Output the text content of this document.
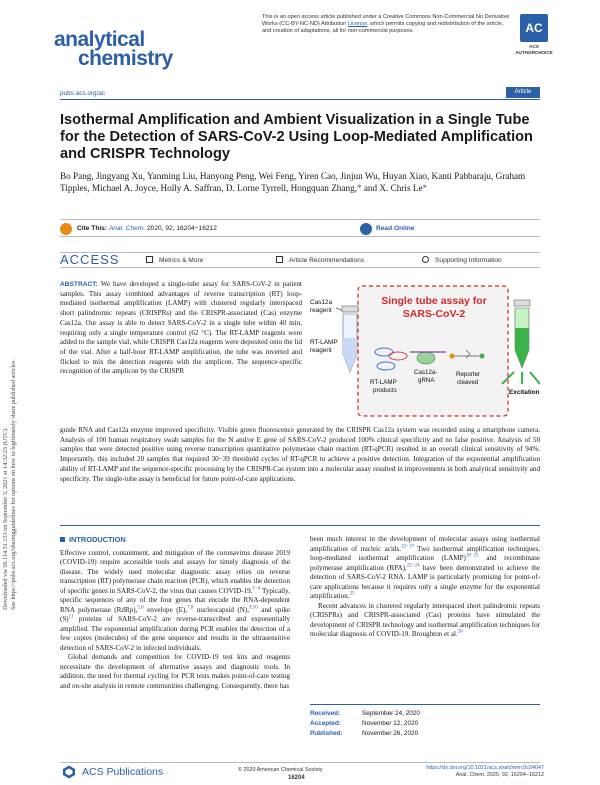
Downloaded via 50.114.31.153 on September 3, 2021 at 14:32:23 (UTC). See https://pubs.acs.org/sharingguidelines for options on how to legitimately share published articles.
analytical
chemistry
This is an open access article published under a Creative Commons Non-Commercial No Derivative Works (CC-BY-NC-ND) Attribution License, which permits copying and redistribution of the article, and creation of adaptations, all for non-commercial purposes.	AC
ACS
AUTHORCHOICE
pubs.acs.org/ac	Article
Isothermal Amplification and Ambient Visualization in a Single Tube for the Detection of SARS-CoV-2 Using Loop-Mediated Amplification and CRISPR Technology
Bo Pang, Jingyang Xu, Yanming Liu, Hanyong Peng, Wei Feng, Yiren Cao, Jinjun Wu, Huyan Xiao, Kanti Pabbaraju, Graham Tipples, Michael A. Joyce, Holly A. Saffran, D. Lorne Tyrrell, Hongquan Zhang,* and X. Chris Le*
Cite This: Anal. Chem. 2020, 92, 16204−16212	Read Online
ACCESS	Metrics & More	Article Recommendations	Supporting Information
ABSTRACT: We have developed a single-tube assay for SARS-CoV-2 in patient samples. This assay combined advantages of reverse transcription (RT) loop-mediated isothermal amplification (LAMP) with clustered regularly interspaced short palindromic repeats (CRISPRs) and the CRISPR-associated (Cas) enzyme Cas12a. Our assay is able to detect SARS-CoV-2 in a single tube within 40 min, requiring only a single temperature control (62 °C). The RT-LAMP reagents were added to the sample vial, while CRISPR Cas12a reagents were deposited onto the lid of the vial. After a half-hour RT-LAMP amplification, the tube was inverted and flicked to mix the detection reagents with the amplicon. The sequence-specific recognition of the amplicon by the CRISPR
Single tube assay for
SARS-CoV-2
Cas12a
reagent
RT-LAMP
reagent
RT-LAMP
products
Cas12a-
gRNA
Reporter
cleaved
Excitation
guide RNA and Cas12a enzyme improved specificity. Visible green fluorescence generated by the CRISPR Cas12a system was recorded using a smartphone camera. Analysis of 100 human respiratory swab samples for the N and/or E gene of SARS-CoV-2 produced 100% clinical specificity and no false positive. Analysis of 50 samples that were detected positive using reverse transcription quantitative polymerase chain reaction (RT-qPCR) resulted in an overall clinical sensitivity of 94%. Importantly, this included 20 samples that required 30−39 threshold cycles of RT-qPCR to achieve a positive detection. Integration of the exponential amplification ability of RT-LAMP and the sequence-specific processing by the CRISPR-Cas system into a molecular assay resulted in improvements in both analytical sensitivity and specificity. The single-tube assay is beneficial for future point-of-care applications.
INTRODUCTION

Effective control, containment, and mitigation of the coronavirus disease 2019 (COVID-19) require accessible tools and assays for timely diagnosis of the disease. The widely used molecular diagnostic assay relies on reverse transcription (RT) polymerase chain reaction (PCR), which enables the detection of specific genes in SARS-CoV-2, the virus that causes COVID-19.$^{1-4}$ Typically, specific sequences of any of the four genes that encode the RNA-dependent RNA polymerase (RdRp),$^{5,6}$ envelope (E),$^{7,8}$ nucleocapsid (N),$^{9,10}$ and spike $(S)^{11}$ proteins of SARS-CoV-2 are reverse-transcribed and exponentially amplified. The exponential amplification during PCR enables the detection of a few copies (molecules) of the gene sequence and results in the ultrasensitive detection of SARS-CoV-2 in infected individuals.

Global demands and competition for COVID-19 test kits and reagents necessitate the development of alternative assays and diagnostic tools. In addition, the need for thermal cycling for PCR tests makes point-of-care testing and on-site analysis in remote communities challenging. Consequently, there has

been much interest in the development of molecular assays using isothermal amplification of nucleic acids.$^{12-17}$ Two isothermal amplification techniques, loop-mediated isothermal amplification (LAMP)$^{18-21}$ and recombinase polymerase amplification (RPA),$^{22-24}$ have been demonstrated to achieve the detection of SARS-CoV-2 RNA. LAMP is particularly promising for point-of-care applications because it requires only a single enzyme for the exponential amplification.$^{25}$

Recent advances in clustered regularly interspaced short palindromic repeats (CRISPRs) and CRISPR-associated (Cas) proteins have stimulated the development of CRISPR technology and isothermal amplification techniques for molecular diagnosis of COVID-19. Broughton et al.$^{26}$

Received:	September 24, 2020
Accepted:	November 12, 2020
Published:	November 26, 2020
ACS Publications	© 2020 American Chemical Society
16204
https://dx.doi.org/10.1021/acs.analchem.0c04047
Anal. Chem. 2020, 92, 16204−16212
